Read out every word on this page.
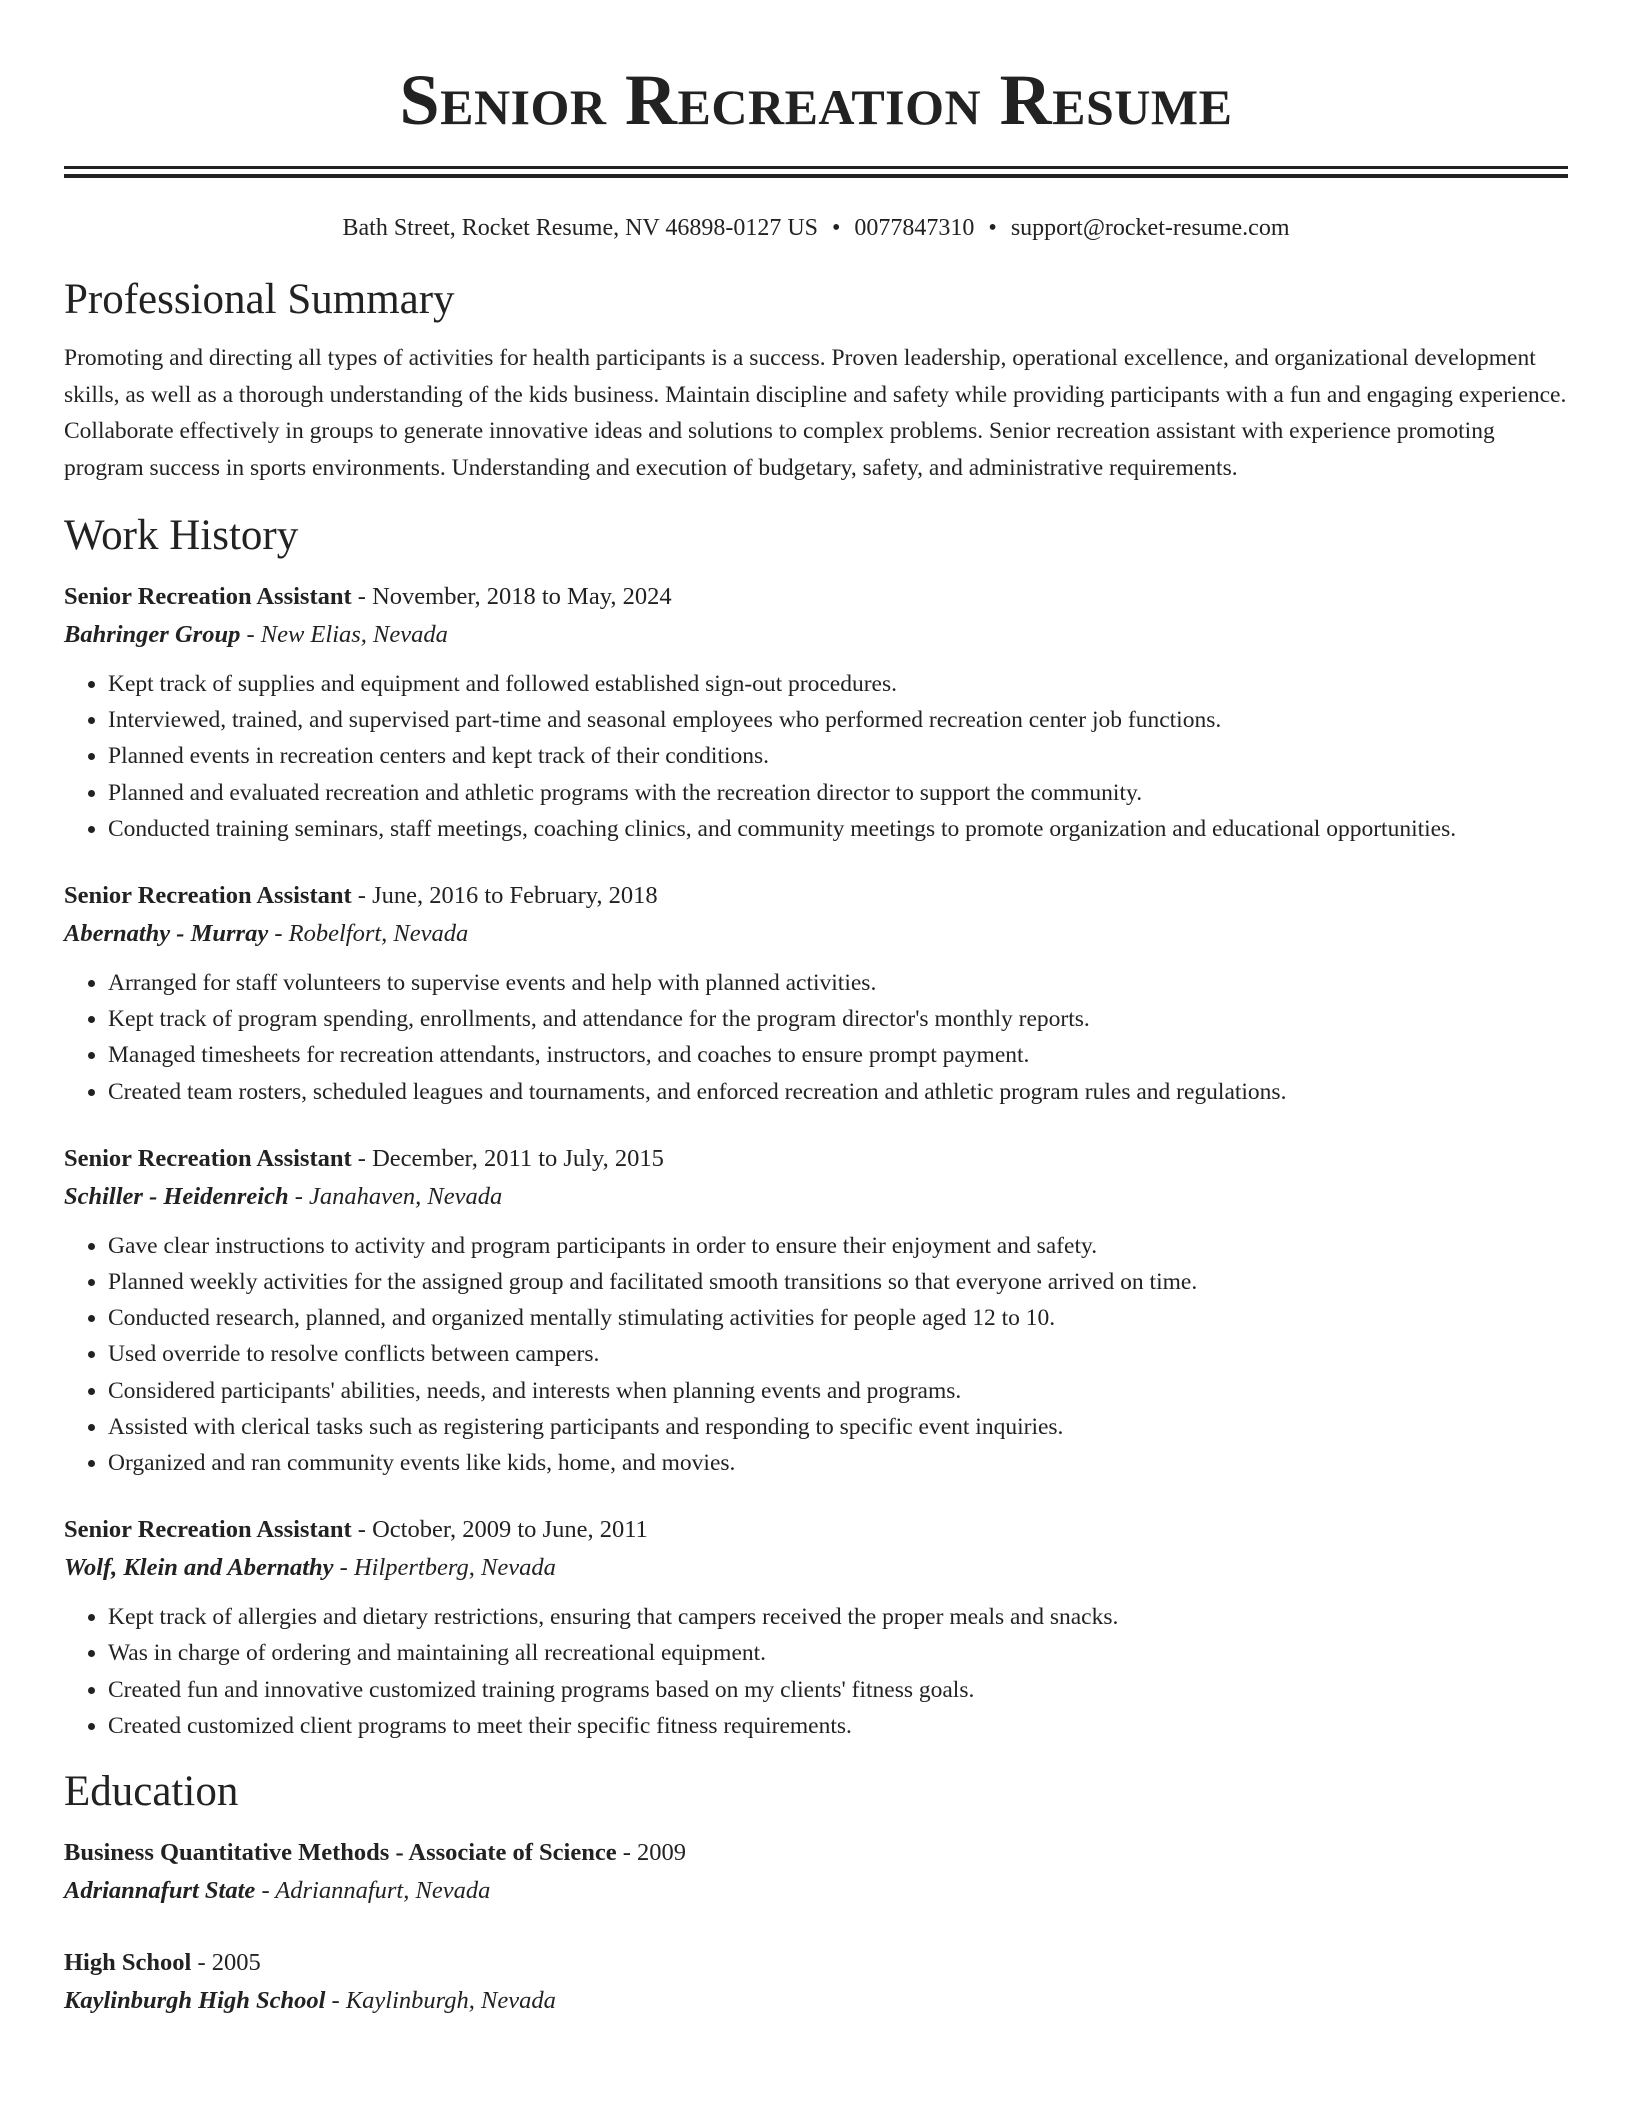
Senior Recreation Resume
Bath Street, Rocket Resume, NV 46898-0127 US • 0077847310 • support@rocket-resume.com
Professional Summary

Promoting and directing all types of activities for health participants is a success. Proven leadership, operational excellence, and organizational development skills, as well as a thorough understanding of the kids business. Maintain discipline and safety while providing participants with a fun and engaging experience. Collaborate effectively in groups to generate innovative ideas and solutions to complex problems. Senior recreation assistant with experience promoting program success in sports environments. Understanding and execution of budgetary, safety, and administrative requirements.

Work History
Senior Recreation Assistant - November, 2018 to May, 2024
Bahringer Group - New Elias, Nevada
• Kept track of supplies and equipment and followed established sign-out procedures.
• Interviewed, trained, and supervised part-time and seasonal employees who performed recreation center job functions.
• Planned events in recreation centers and kept track of their conditions.
• Planned and evaluated recreation and athletic programs with the recreation director to support the community.
• Conducted training seminars, staff meetings, coaching clinics, and community meetings to promote organization and educational opportunities.
Senior Recreation Assistant - June, 2016 to February, 2018
Abernathy - Murray - Robelfort, Nevada
• Arranged for staff volunteers to supervise events and help with planned activities.
• Kept track of program spending, enrollments, and attendance for the program director's monthly reports.
• Managed timesheets for recreation attendants, instructors, and coaches to ensure prompt payment.
• Created team rosters, scheduled leagues and tournaments, and enforced recreation and athletic program rules and regulations.
Senior Recreation Assistant - December, 2011 to July, 2015
Schiller - Heidenreich - Janahaven, Nevada
• Gave clear instructions to activity and program participants in order to ensure their enjoyment and safety.
• Planned weekly activities for the assigned group and facilitated smooth transitions so that everyone arrived on time.
• Conducted research, planned, and organized mentally stimulating activities for people aged 12 to 10.
• Used override to resolve conflicts between campers.
• Considered participants' abilities, needs, and interests when planning events and programs.
• Assisted with clerical tasks such as registering participants and responding to specific event inquiries.
• Organized and ran community events like kids, home, and movies.
Senior Recreation Assistant - October, 2009 to June, 2011
Wolf, Klein and Abernathy - Hilpertberg, Nevada
• Kept track of allergies and dietary restrictions, ensuring that campers received the proper meals and snacks.
• Was in charge of ordering and maintaining all recreational equipment.
• Created fun and innovative customized training programs based on my clients' fitness goals.
• Created customized client programs to meet their specific fitness requirements.
Education
Business Quantitative Methods - Associate of Science - 2009
Adriannafurt State - Adriannafurt, Nevada
High School - 2005
Kaylinburgh High School - Kaylinburgh, Nevada
